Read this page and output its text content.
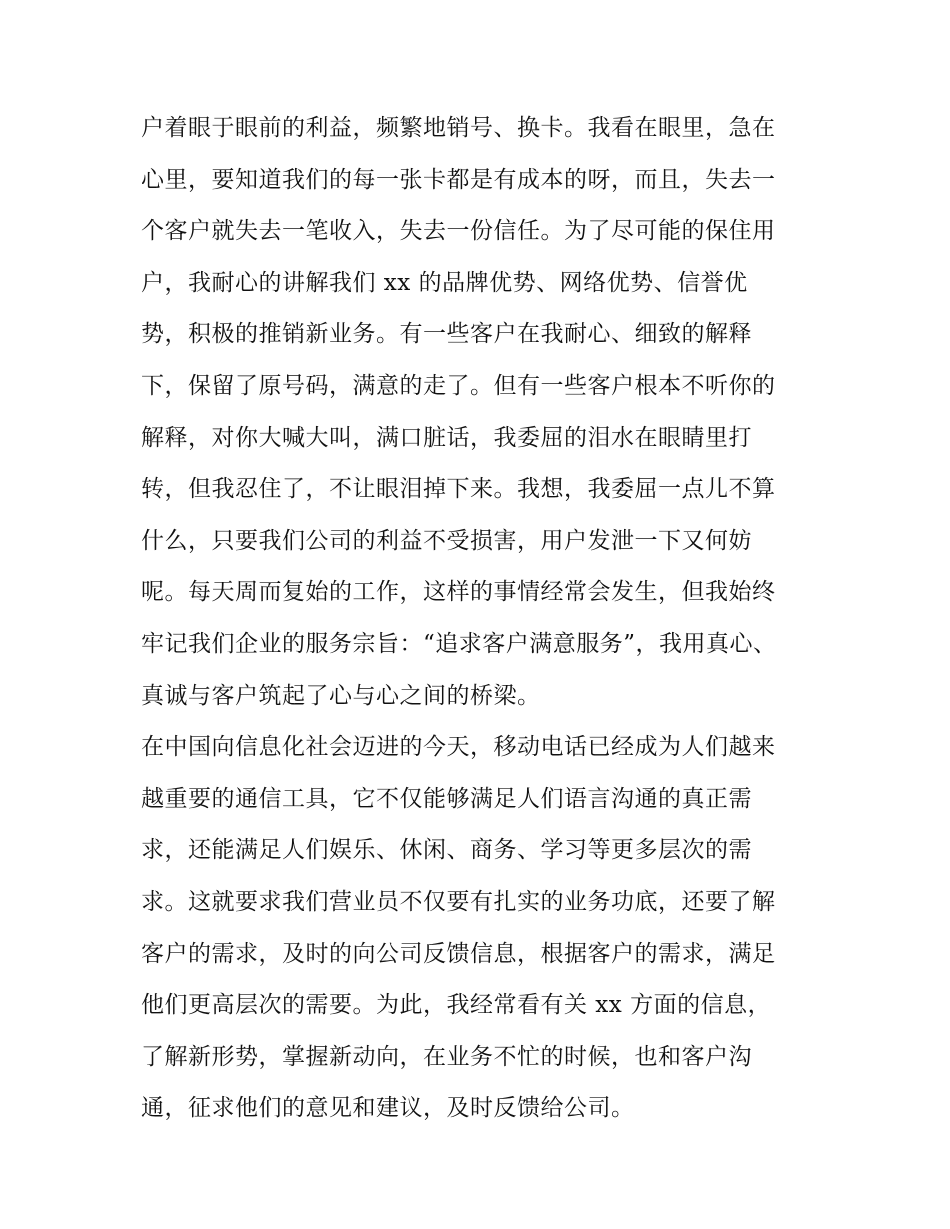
户着眼于眼前的利益，频繁地销号、换卡。我看在眼里，急在
心里，要知道我们的每一张卡都是有成本的呀，而且，失去一
个客户就失去一笔收入，失去一份信任。为了尽可能的保住用
户，我耐心的讲解我们 xx 的品牌优势、网络优势、信誉优
势，积极的推销新业务。有一些客户在我耐心、细致的解释
下，保留了原号码，满意的走了。但有一些客户根本不听你的
解释，对你大喊大叫，满口脏话，我委屈的泪水在眼睛里打
转，但我忍住了，不让眼泪掉下来。我想，我委屈一点儿不算
什么，只要我们公司的利益不受损害，用户发泄一下又何妨
呢。每天周而复始的工作，这样的事情经常会发生，但我始终
牢记我们企业的服务宗旨：“追求客户满意服务”，我用真心、
真诚与客户筑起了心与心之间的桥梁。
在中国向信息化社会迈进的今天，移动电话已经成为人们越来
越重要的通信工具，它不仅能够满足人们语言沟通的真正需
求，还能满足人们娱乐、休闲、商务、学习等更多层次的需
求。这就要求我们营业员不仅要有扎实的业务功底，还要了解
客户的需求，及时的向公司反馈信息，根据客户的需求，满足
他们更高层次的需要。为此，我经常看有关 xx 方面的信息，
了解新形势，掌握新动向，在业务不忙的时候，也和客户沟
通，征求他们的意见和建议，及时反馈给公司。
